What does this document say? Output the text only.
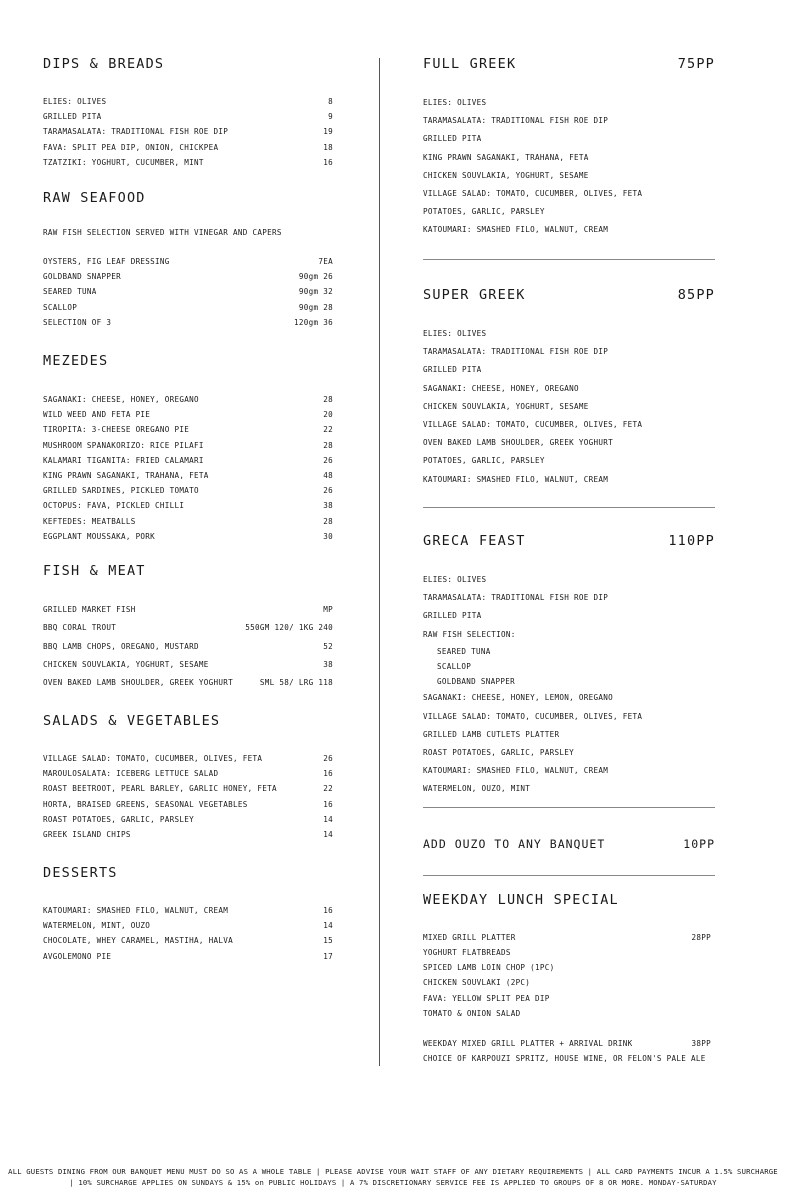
DIPS & BREADS
ELIES: OLIVES	8
GRILLED PITA	9
TARAMASALATA: TRADITIONAL FISH ROE DIP	19
FAVA: SPLIT PEA DIP, ONION, CHICKPEA	18
TZATZIKI: YOGHURT, CUCUMBER, MINT	16
RAW SEAFOOD
RAW FISH SELECTION SERVED WITH VINEGAR AND CAPERS
OYSTERS, FIG LEAF DRESSING	7EA
GOLDBAND SNAPPER	90gm 26
SEARED TUNA	90gm 32
SCALLOP	90gm 28
SELECTION OF 3	120gm 36
MEZEDES
SAGANAKI: CHEESE, HONEY, OREGANO	28
WILD WEED AND FETA PIE	20
TIROPITA: 3-CHEESE OREGANO PIE	22
MUSHROOM SPANAKORIZO: RICE PILAFI	28
KALAMARI TIGANITA: FRIED CALAMARI	26
KING PRAWN SAGANAKI, TRAHANA, FETA	48
GRILLED SARDINES, PICKLED TOMATO	26
OCTOPUS: FAVA, PICKLED CHILLI	38
KEFTEDES: MEATBALLS	28
EGGPLANT MOUSSAKA, PORK	30
FISH & MEAT
GRILLED MARKET FISH	MP
BBQ CORAL TROUT	550GM 120/ 1KG 240
BBQ LAMB CHOPS, OREGANO, MUSTARD	52
CHICKEN SOUVLAKIA, YOGHURT, SESAME	38
OVEN BAKED LAMB SHOULDER, GREEK YOGHURT	SML 58/ LRG 118
SALADS & VEGETABLES
VILLAGE SALAD: TOMATO, CUCUMBER, OLIVES, FETA	26
MAROULOSALATA: ICEBERG LETTUCE SALAD	16
ROAST BEETROOT, PEARL BARLEY, GARLIC HONEY, FETA	22
HORTA, BRAISED GREENS, SEASONAL VEGETABLES	16
ROAST POTATOES, GARLIC, PARSLEY	14
GREEK ISLAND CHIPS	14
DESSERTS
KATOUMARI: SMASHED FILO, WALNUT, CREAM	16
WATERMELON, MINT, OUZO	14
CHOCOLATE, WHEY CARAMEL, MASTIHA, HALVA	15
AVGOLEMONO PIE	17
FULL GREEK	75PP
ELIES: OLIVES
TARAMASALATA: TRADITIONAL FISH ROE DIP
GRILLED PITA
KING PRAWN SAGANAKI, TRAHANA, FETA
CHICKEN SOUVLAKIA, YOGHURT, SESAME
VILLAGE SALAD: TOMATO, CUCUMBER, OLIVES, FETA
POTATOES, GARLIC, PARSLEY
KATOUMARI: SMASHED FILO, WALNUT, CREAM
SUPER GREEK	85PP
ELIES: OLIVES
TARAMASALATA: TRADITIONAL FISH ROE DIP
GRILLED PITA
SAGANAKI: CHEESE, HONEY, OREGANO
CHICKEN SOUVLAKIA, YOGHURT, SESAME
VILLAGE SALAD: TOMATO, CUCUMBER, OLIVES, FETA
OVEN BAKED LAMB SHOULDER, GREEK YOGHURT
POTATOES, GARLIC, PARSLEY
KATOUMARI: SMASHED FILO, WALNUT, CREAM
GRECA FEAST	110PP
ELIES: OLIVES
TARAMASALATA: TRADITIONAL FISH ROE DIP
GRILLED PITA
RAW FISH SELECTION:
SEARED TUNA
SCALLOP
GOLDBAND SNAPPER
SAGANAKI: CHEESE, HONEY, LEMON, OREGANO
VILLAGE SALAD: TOMATO, CUCUMBER, OLIVES, FETA
GRILLED LAMB CUTLETS PLATTER
ROAST POTATOES, GARLIC, PARSLEY
KATOUMARI: SMASHED FILO, WALNUT, CREAM
WATERMELON, OUZO, MINT
ADD OUZO TO ANY BANQUET	10PP
WEEKDAY LUNCH SPECIAL
MIXED GRILL PLATTER	28PP
YOGHURT FLATBREADS
SPICED LAMB LOIN CHOP (1PC)
CHICKEN SOUVLAKI (2PC)
FAVA: YELLOW SPLIT PEA DIP
TOMATO & ONION SALAD
WEEKDAY MIXED GRILL PLATTER + ARRIVAL DRINK	38PP
CHOICE OF KARPOUZI SPRITZ, HOUSE WINE, OR FELON'S PALE ALE
ALL GUESTS DINING FROM OUR BANQUET MENU MUST DO SO AS A WHOLE TABLE | PLEASE ADVISE YOUR WAIT STAFF OF ANY DIETARY REQUIREMENTS | ALL CARD PAYMENTS INCUR A 1.5% SURCHARGE
| 10% SURCHARGE APPLIES ON SUNDAYS & 15% on PUBLIC HOLIDAYS | A 7% DISCRETIONARY SERVICE FEE IS APPLIED TO GROUPS OF 8 OR MORE. MONDAY-SATURDAY
